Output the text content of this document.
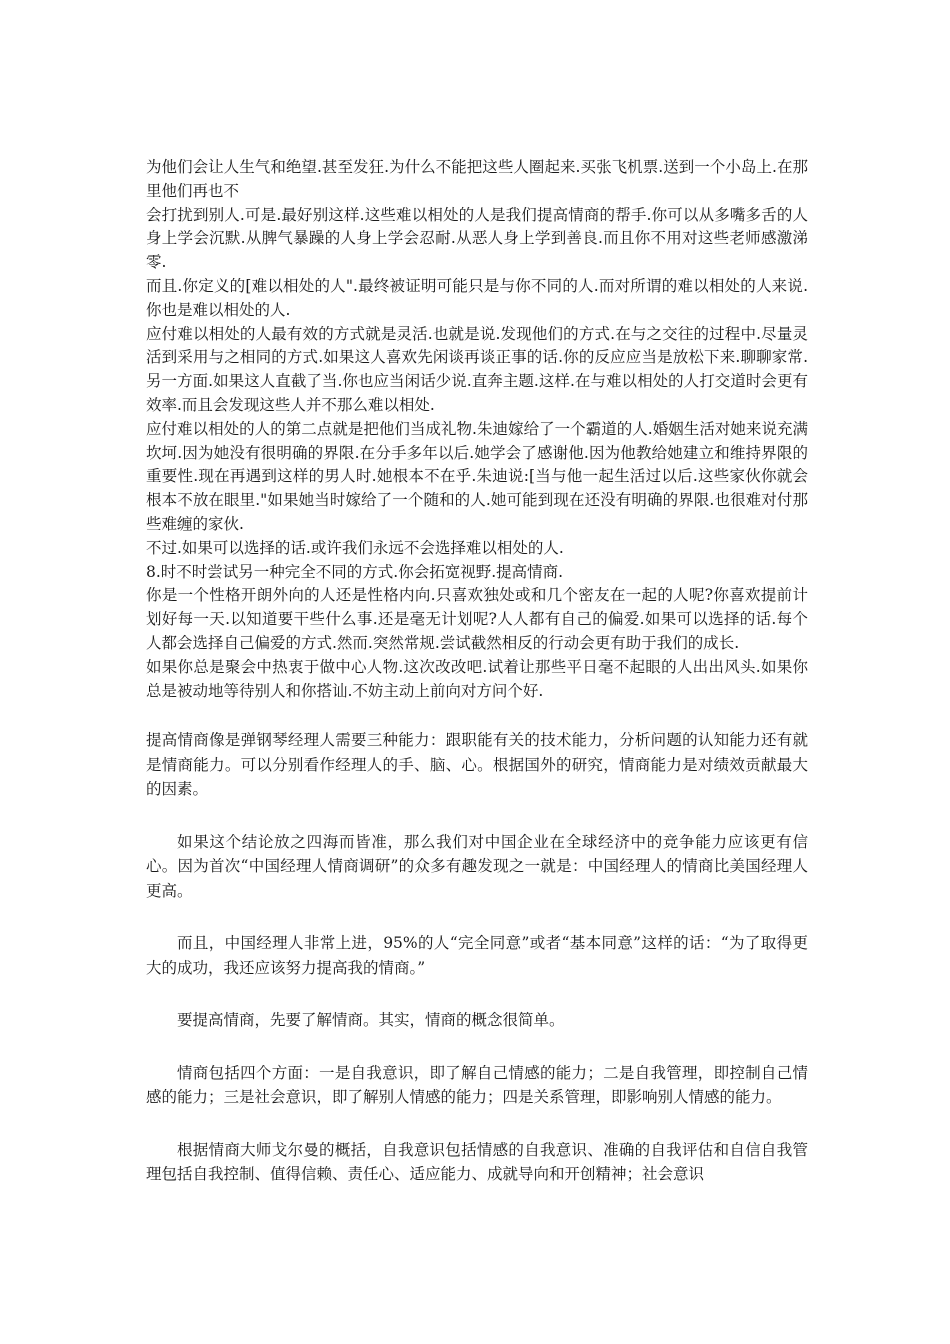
为他们会让人生气和绝望.甚至发狂.为什么不能把这些人圈起来.买张飞机票.送到一个小岛上.在那里他们再也不

会打扰到别人.可是.最好别这样.这些难以相处的人是我们提高情商的帮手.你可以从多嘴多舌的人身上学会沉默.从脾气暴躁的人身上学会忍耐.从恶人身上学到善良.而且你不用对这些老师感激涕零.

而且.你定义的[难以相处的人".最终被证明可能只是与你不同的人.而对所谓的难以相处的人来说.你也是难以相处的人.

应付难以相处的人最有效的方式就是灵活.也就是说.发现他们的方式.在与之交往的过程中.尽量灵活到采用与之相同的方式.如果这人喜欢先闲谈再谈正事的话.你的反应应当是放松下来.聊聊家常.另一方面.如果这人直截了当.你也应当闲话少说.直奔主题.这样.在与难以相处的人打交道时会更有效率.而且会发现这些人并不那么难以相处.

应付难以相处的人的第二点就是把他们当成礼物.朱迪嫁给了一个霸道的人.婚姻生活对她来说充满坎坷.因为她没有很明确的界限.在分手多年以后.她学会了感谢他.因为他教给她建立和维持界限的重要性.现在再遇到这样的男人时.她根本不在乎.朱迪说:[当与他一起生活过以后.这些家伙你就会根本不放在眼里."如果她当时嫁给了一个随和的人.她可能到现在还没有明确的界限.也很难对付那些难缠的家伙.

不过.如果可以选择的话.或许我们永远不会选择难以相处的人.

8.时不时尝试另一种完全不同的方式.你会拓宽视野.提高情商.

你是一个性格开朗外向的人还是性格内向.只喜欢独处或和几个密友在一起的人呢?你喜欢提前计划好每一天.以知道要干些什么事.还是毫无计划呢?人人都有自己的偏爱.如果可以选择的话.每个人都会选择自己偏爱的方式.然而.突然常规.尝试截然相反的行动会更有助于我们的成长.

如果你总是聚会中热衷于做中心人物.这次改改吧.试着让那些平日毫不起眼的人出出风头.如果你总是被动地等待别人和你搭讪.不妨主动上前向对方问个好.

提高情商像是弹钢琴经理人需要三种能力：跟职能有关的技术能力，分析问题的认知能力还有就是情商能力。可以分别看作经理人的手、脑、心。根据国外的研究，情商能力是对绩效贡献最大的因素。

如果这个结论放之四海而皆准，那么我们对中国企业在全球经济中的竞争能力应该更有信心。因为首次“中国经理人情商调研”的众多有趣发现之一就是：中国经理人的情商比美国经理人更高。

而且，中国经理人非常上进，95%的人“完全同意”或者“基本同意”这样的话：“为了取得更大的成功，我还应该努力提高我的情商。”

要提高情商，先要了解情商。其实，情商的概念很简单。

情商包括四个方面：一是自我意识，即了解自己情感的能力；二是自我管理，即控制自己情感的能力；三是社会意识，即了解别人情感的能力；四是关系管理，即影响别人情感的能力。

根据情商大师戈尔曼的概括，自我意识包括情感的自我意识、准确的自我评估和自信自我管理包括自我控制、值得信赖、责任心、适应能力、成就导向和开创精神；社会意识
